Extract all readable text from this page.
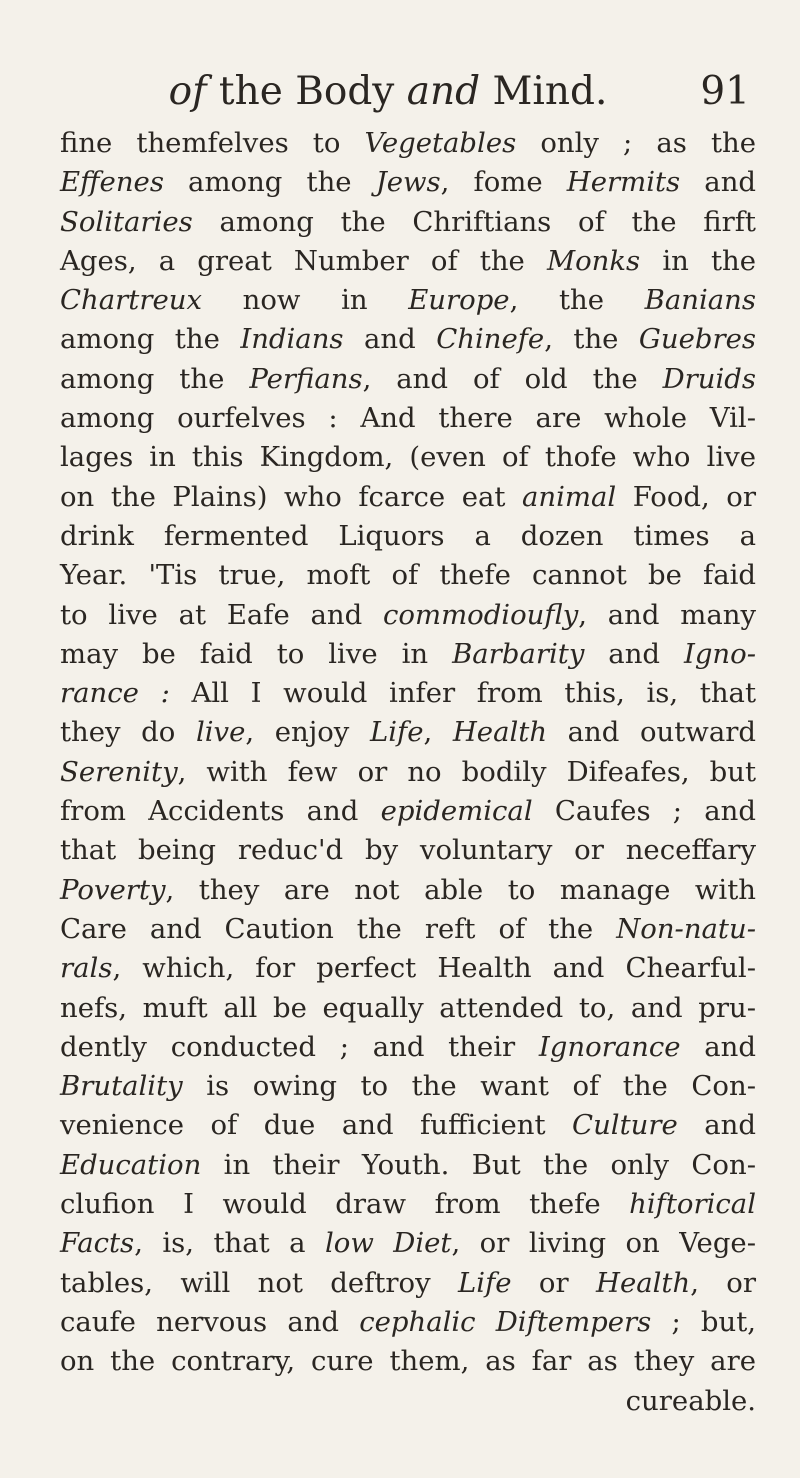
of the Body and Mind. 91
fine themfelves to Vegetables only ; as the
Effenes among the Jews, fome Hermits and
Solitaries among the Chriftians of the firft
Ages, a great Number of the Monks in the
Chartreux now in Europe, the Banians
among the Indians and Chinefe, the Guebres
among the Perfians, and of old the Druids
among ourfelves : And there are whole Vil-
lages in this Kingdom, (even of thofe who live
on the Plains) who fcarce eat animal Food, or
drink fermented Liquors a dozen times a
Year. 'Tis true, moft of thefe cannot be faid
to live at Eafe and commodioufly, and many
may be faid to live in Barbarity and Igno-
rance : All I would infer from this, is, that
they do live, enjoy Life, Health and outward
Serenity, with few or no bodily Difeafes, but
from Accidents and epidemical Caufes ; and
that being reduc'd by voluntary or neceffary
Poverty, they are not able to manage with
Care and Caution the reft of the Non-natu-
rals, which, for perfect Health and Chearful-
nefs, muft all be equally attended to, and pru-
dently conducted ; and their Ignorance and
Brutality is owing to the want of the Con-
venience of due and fufficient Culture and
Education in their Youth. But the only Con-
clufion I would draw from thefe hiftorical
Facts, is, that a low Diet, or living on Vege-
tables, will not deftroy Life or Health, or
caufe nervous and cephalic Diftempers ; but,
on the contrary, cure them, as far as they are
cureable.
